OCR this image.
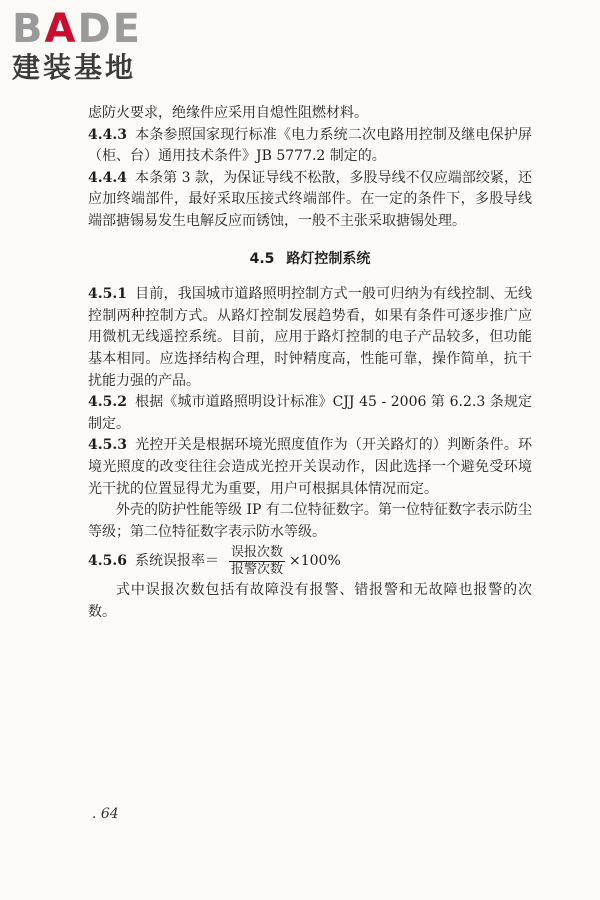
BADE
建装基地

虑防火要求，绝缘件应采用自熄性阻燃材料。

4.4.3 本条参照国家现行标准《电力系统二次电路用控制及继电保护屏（柜、台）通用技术条件》JB 5777.2 制定的。

4.4.4 本条第 3 款，为保证导线不松散，多股导线不仅应端部绞紧，还应加终端部件，最好采取压接式终端部件。在一定的条件下，多股导线端部搪锡易发生电解反应而锈蚀，一般不主张采取搪锡处理。

4.5 路灯控制系统

4.5.1 目前，我国城市道路照明控制方式一般可归纳为有线控制、无线控制两种控制方式。从路灯控制发展趋势看，如果有条件可逐步推广应用微机无线遥控系统。目前，应用于路灯控制的电子产品较多，但功能基本相同。应选择结构合理，时钟精度高，性能可靠，操作简单，抗干扰能力强的产品。

4.5.2 根据《城市道路照明设计标准》CJJ 45 - 2006 第 6.2.3 条规定制定。

4.5.3 光控开关是根据环境光照度值作为（开关路灯的）判断条件。环境光照度的改变往往会造成光控开关误动作，因此选择一个避免受环境光干扰的位置显得尤为重要，用户可根据具体情况而定。

外壳的防护性能等级 IP 有二位特征数字。第一位特征数字表示防尘等级；第二位特征数字表示防水等级。

4.5.6 系统误报率＝ $\frac{\text{误报次数}}{\text{报警次数}} \times 100\%$

式中误报次数包括有故障没有报警、错报警和无故障也报警的次数。

. 64
